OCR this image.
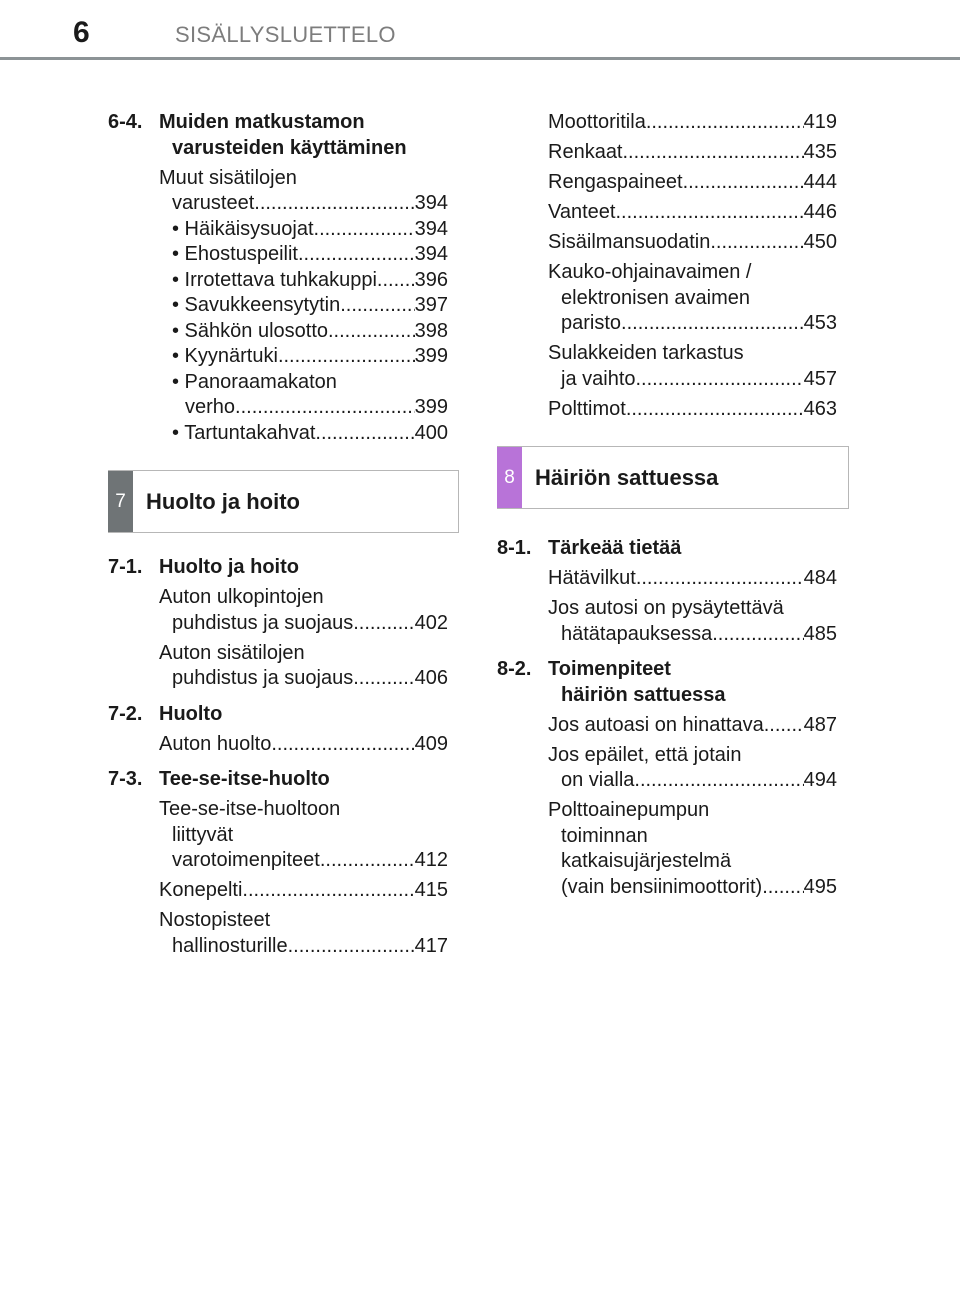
6	SISÄLLYSLUETTELO
6-4. Muiden matkustamon
varusteiden käyttäminen
Muut sisätilojen
varusteet .....	394
• Häikäisysuojat .....	394
• Ehostuspeilit .....	394
• Irrotettava tuhkakuppi ..... 396
• Savukkeensytytin .....	397
• Sähkön ulosotto .....	398
• Kyynärtuki .....	399
• Panoraamakaton
verho .....	399
• Tartuntakahvat .....	400
7 Huolto ja hoito
7-1. Huolto ja hoito
Auton ulkopintojen
puhdistus ja suojaus .....	402
Auton sisätilojen
puhdistus ja suojaus .....	406
7-2. Huolto
Auton huolto .....	409
7-3. Tee-se-itse-huolto
Tee-se-itse-huoltoon
liittyvät
varotoimenpiteet .....	412
Konepelti .....	415
Nostopisteet
hallinosturille .....	417
Moottoritila .....	419
Renkaat .....	435
Rengaspaineet .....	444
Vanteet .....	446
Sisäilmansuodatin .....	450
Kauko-ohjainavaimen /
elektronisen avaimen
paristo .....	453
Sulakkeiden tarkastus
ja vaihto .....	457
Polttimot .....	463
8 Häiriön sattuessa
8-1. Tärkeää tietää
Hätävilkut .....	484
Jos autosi on pysäytettävä
hätätapauksessa .....	485
8-2. Toimenpiteet
häiriön sattuessa
Jos autoasi on hinattava ..... 487
Jos epäilet, että jotain
on vialla .....	494
Polttoainepumpun
toiminnan
katkaisujärjestelmä
(vain bensiinimoottorit) ..... 495
